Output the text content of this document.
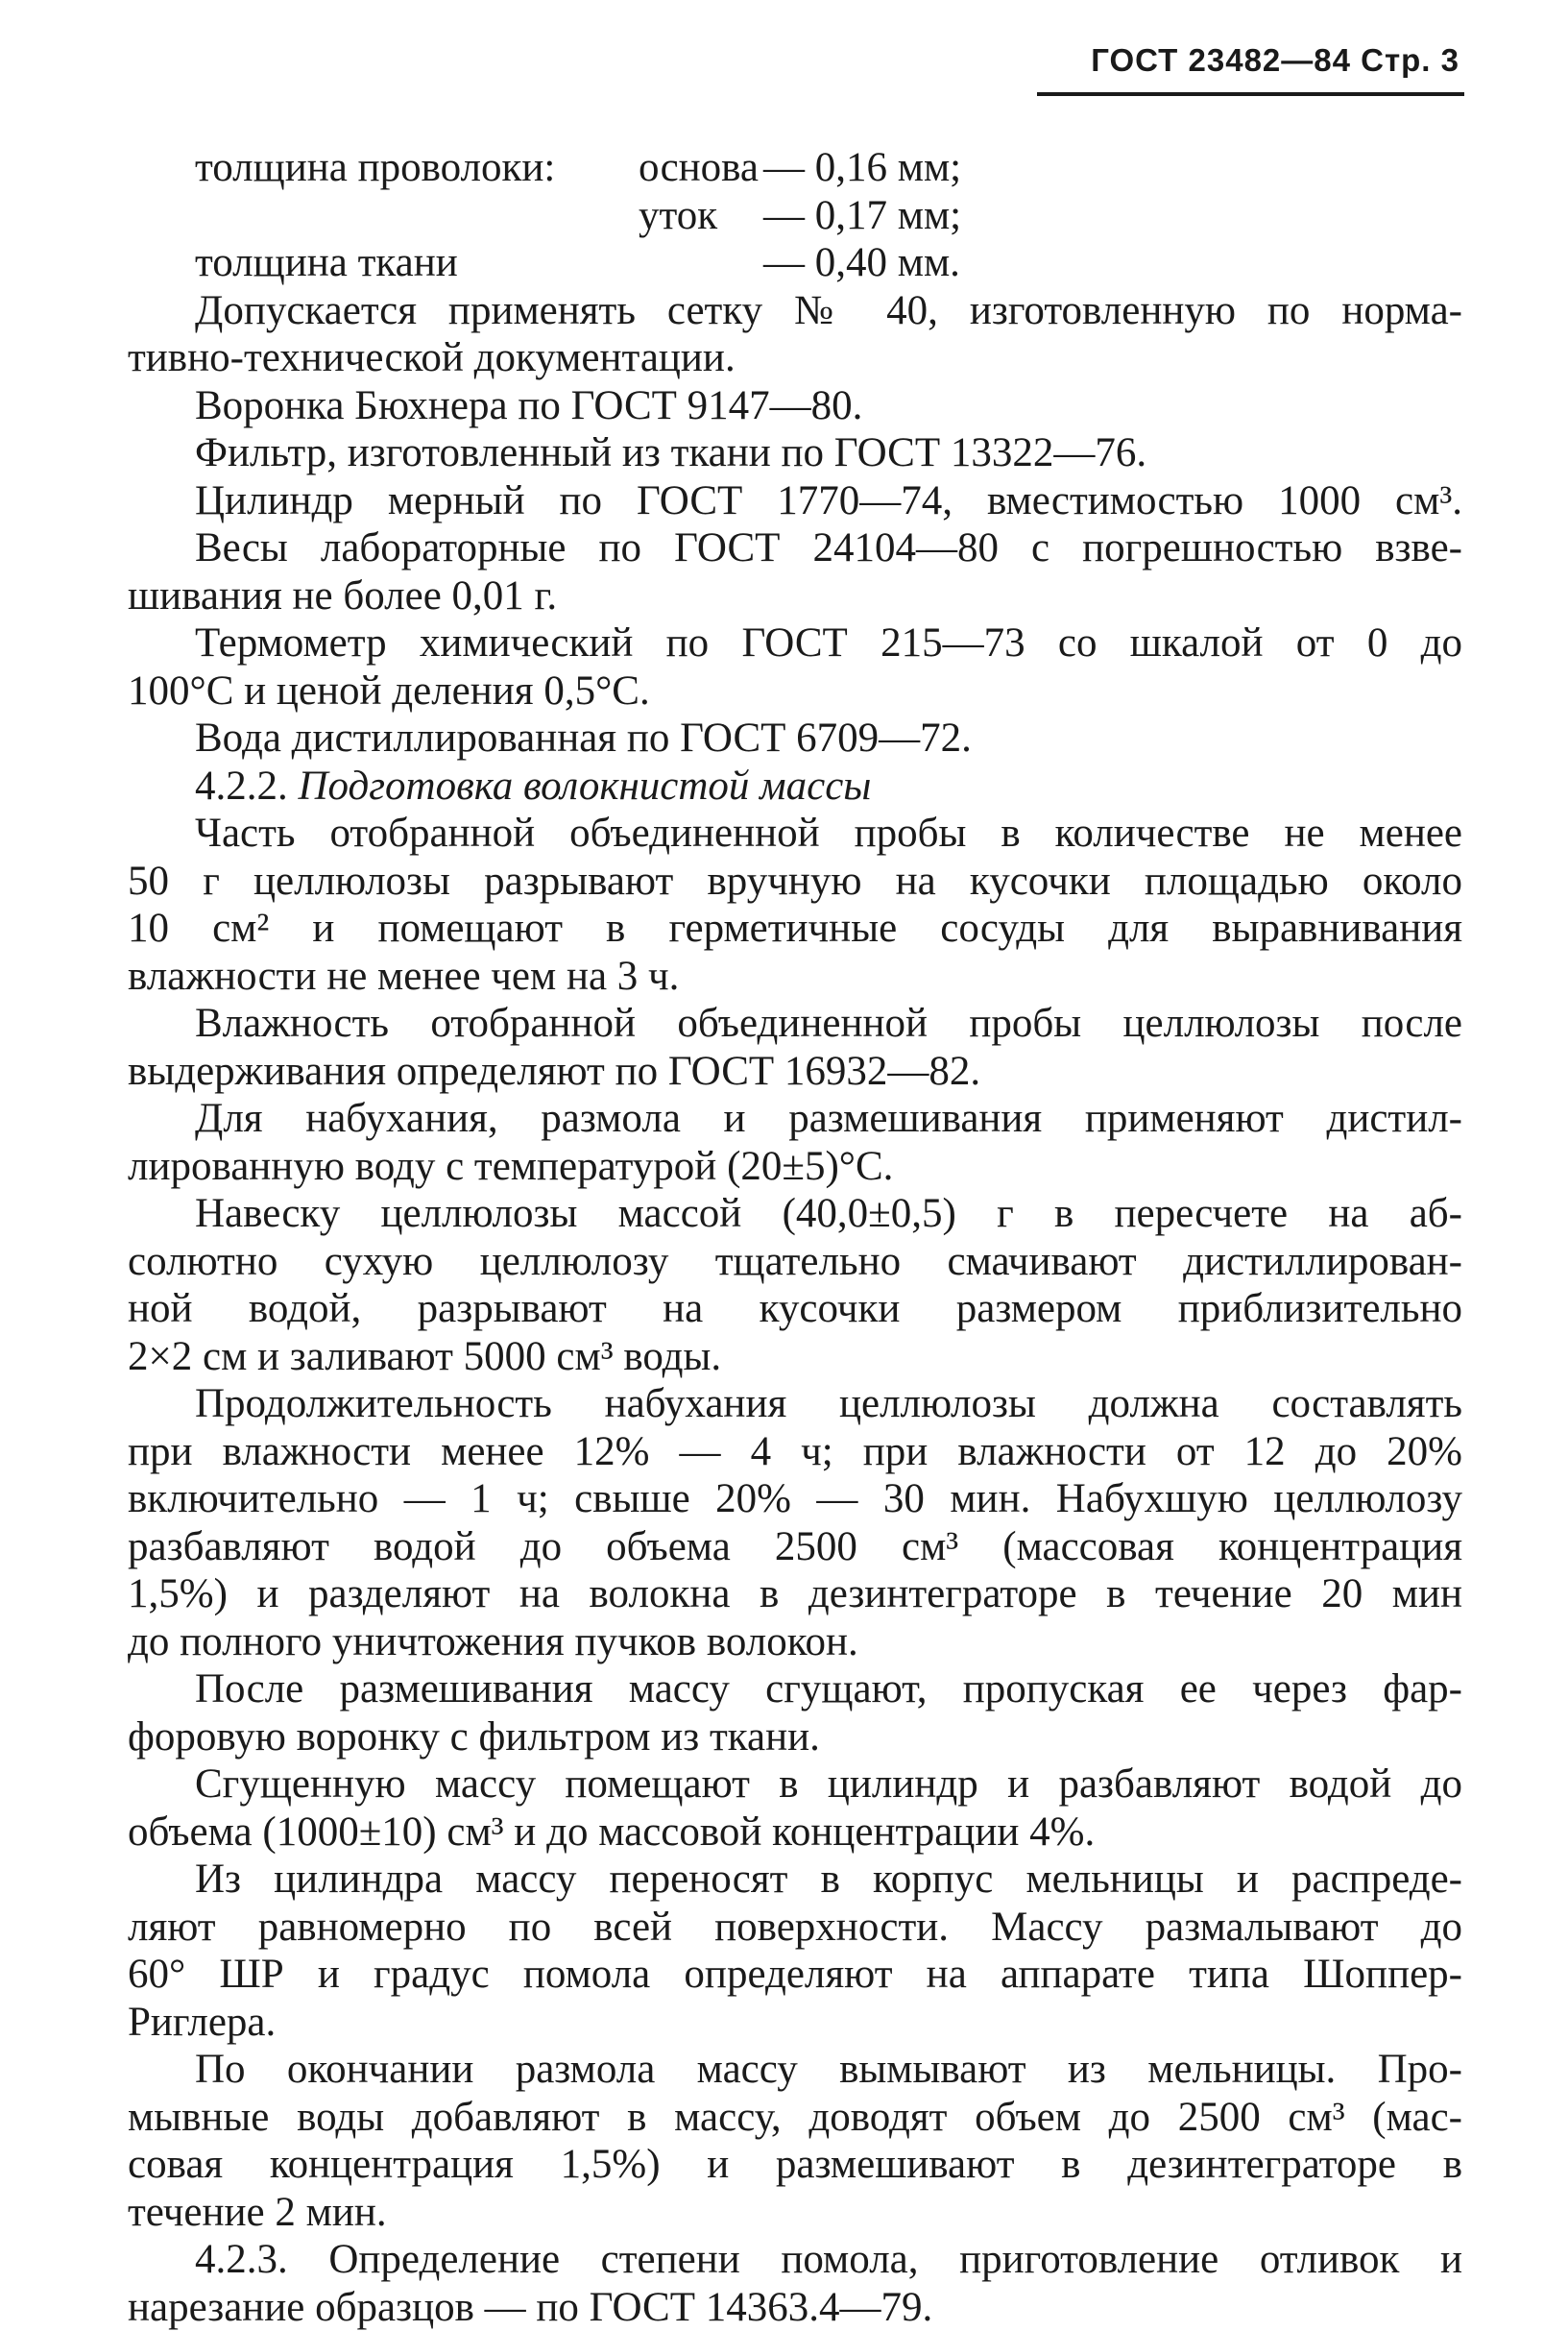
ГОСТ 23482—84 Стр. 3
толщина проволоки: основа — 0,16 мм;
уток — 0,17 мм;
толщина ткани	— 0,40 мм.
Допускается применять сетку № 40, изготовленную по норма-
тивно-технической документации.
Воронка Бюхнера по ГОСТ 9147—80.
Фильтр, изготовленный из ткани по ГОСТ 13322—76.
Цилиндр мерный по ГОСТ 1770—74, вместимостью 1000 см³.
Весы лабораторные по ГОСТ 24104—80 с погрешностью взве-
шивания не более 0,01 г.
Термометр химический по ГОСТ 215—73 со шкалой от 0 до
100°С и ценой деления 0,5°С.
Вода дистиллированная по ГОСТ 6709—72.
4.2.2. Подготовка волокнистой массы
Часть отобранной объединенной пробы в количестве не менее
50 г целлюлозы разрывают вручную на кусочки площадью около
10 см² и помещают в герметичные сосуды для выравнивания
влажности не менее чем на 3 ч.
Влажность отобранной объединенной пробы целлюлозы после
выдерживания определяют по ГОСТ 16932—82.
Для набухания, размола и размешивания применяют дистил-
лированную воду с температурой (20±5)°С.
Навеску целлюлозы массой (40,0±0,5) г в пересчете на аб-
солютно сухую целлюлозу тщательно смачивают дистиллирован-
ной водой, разрывают на кусочки размером приблизительно
2×2 см и заливают 5000 см³ воды.
Продолжительность набухания целлюлозы должна составлять
при влажности менее 12% — 4 ч; при влажности от 12 до 20%
включительно — 1 ч; свыше 20% — 30 мин. Набухшую целлюлозу
разбавляют водой до объема 2500 см³ (массовая концентрация
1,5%) и разделяют на волокна в дезинтеграторе в течение 20 мин
до полного уничтожения пучков волокон.
После размешивания массу сгущают, пропуская ее через фар-
форовую воронку с фильтром из ткани.
Сгущенную массу помещают в цилиндр и разбавляют водой до
объема (1000±10) см³ и до массовой концентрации 4%.
Из цилиндра массу переносят в корпус мельницы и распреде-
ляют равномерно по всей поверхности. Массу размалывают до
60° ШР и градус помола определяют на аппарате типа Шоппер-
Риглера.
По окончании размола массу вымывают из мельницы. Про-
мывные воды добавляют в массу, доводят объем до 2500 см³ (мас-
совая концентрация 1,5%) и размешивают в дезинтеграторе в
течение 2 мин.
4.2.3. Определение степени помола, приготовление отливок и
нарезание образцов — по ГОСТ 14363.4—79.
